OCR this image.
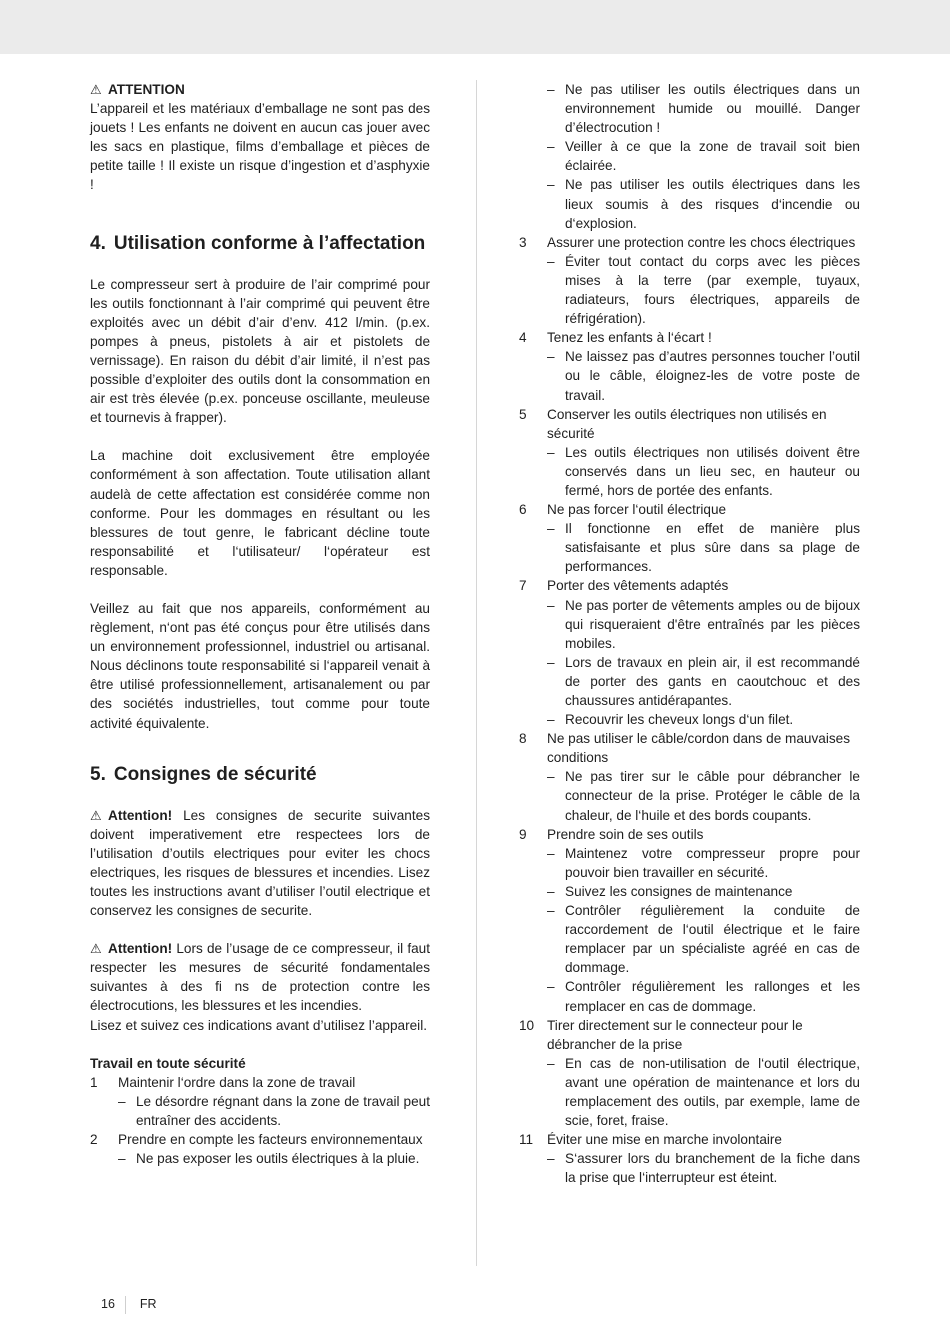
⚠ ATTENTION

L’appareil et les matériaux d’emballage ne sont pas des jouets ! Les enfants ne doivent en aucun cas jouer avec les sacs en plastique, films d’emballage et pièces de petite taille ! Il existe un risque d’ingestion et d’asphyxie !

4. Utilisation conforme à l’affectation

Le compresseur sert à produire de l’air comprimé pour les outils fonctionnant à l’air comprimé qui peuvent être exploités avec un débit d’air d’env. 412 l/min. (p.ex. pompes à pneus, pistolets à air et pistolets de vernissage). En raison du débit d’air limité, il n’est pas possible d’exploiter des outils dont la consommation en air est très élevée (p.ex. ponceuse oscillante, meuleuse et tournevis à frapper).

La machine doit exclusivement être employée conformément à son affectation. Toute utilisation allant audelà de cette affectation est considérée comme non conforme. Pour les dommages en résultant ou les blessures de tout genre, le fabricant décline toute responsabilité et l‘utilisateur/ l‘opérateur est responsable.

Veillez au fait que nos appareils, conformément au règlement, n‘ont pas été conçus pour être utilisés dans un environnement professionnel, industriel ou artisanal. Nous déclinons toute responsabilité si l‘appareil venait à être utilisé professionnellement, artisanalement ou par des sociétés industrielles, tout comme pour toute activité équivalente.

5. Consignes de sécurité

⚠ Attention! Les consignes de securite suivantes doivent imperativement etre respectees lors de l’utilisation d’outils electriques pour eviter les chocs electriques, les risques de blessures et incendies. Lisez toutes les instructions avant d’utiliser l’outil electrique et conservez les consignes de securite.

⚠ Attention! Lors de l’usage de ce compresseur, il faut respecter les mesures de sécurité fondamentales suivantes à des fi ns de protection contre les électrocutions, les blessures et les incendies.

Lisez et suivez ces indications avant d’utilisez l’appareil.

Travail en toute sécurité

1	Maintenir l‘ordre dans la zone de travail
– Le désordre régnant dans la zone de travail peut entraîner des accidents.
2	Prendre en compte les facteurs environnementaux
– Ne pas exposer les outils électriques à la pluie.
– Ne pas utiliser les outils électriques dans un environnement humide ou mouillé. Danger d’électrocution !
– Veiller à ce que la zone de travail soit bien éclairée.
– Ne pas utiliser les outils électriques dans les lieux soumis à des risques d‘incendie ou d‘explosion.
3	Assurer une protection contre les chocs électriques
– Éviter tout contact du corps avec les pièces mises à la terre (par exemple, tuyaux, radiateurs, fours électriques, appareils de réfrigération).
4	Tenez les enfants à l‘écart !
– Ne laissez pas d’autres personnes toucher l’outil ou le câble, éloignez-les de votre poste de travail.
5	Conserver les outils électriques non utilisés en sécurité
– Les outils électriques non utilisés doivent être conservés dans un lieu sec, en hauteur ou fermé, hors de portée des enfants.
6	Ne pas forcer l‘outil électrique
– Il fonctionne en effet de manière plus satisfaisante et plus sûre dans sa plage de performances.
7	Porter des vêtements adaptés
– Ne pas porter de vêtements amples ou de bijoux qui risqueraient d'être entraînés par les pièces mobiles.
– Lors de travaux en plein air, il est recommandé de porter des gants en caoutchouc et des chaussures antidérapantes.
– Recouvrir les cheveux longs d‘un filet.
8	Ne pas utiliser le câble/cordon dans de mauvaises conditions
– Ne pas tirer sur le câble pour débrancher le connecteur de la prise. Protéger le câble de la chaleur, de l‘huile et des bords coupants.
9	Prendre soin de ses outils
– Maintenez votre compresseur propre pour pouvoir bien travailler en sécurité.
– Suivez les consignes de maintenance
– Contrôler régulièrement la conduite de raccordement de l‘outil électrique et le faire remplacer par un spécialiste agréé en cas de dommage.
– Contrôler régulièrement les rallonges et les remplacer en cas de dommage.
10 Tirer directement sur le connecteur pour le débrancher de la prise
– En cas de non-utilisation de l‘outil électrique, avant une opération de maintenance et lors du remplacement des outils, par exemple, lame de scie, foret, fraise.
11	Éviter une mise en marche involontaire
– S‘assurer lors du branchement de la fiche dans la prise que l‘interrupteur est éteint.
16 FR
